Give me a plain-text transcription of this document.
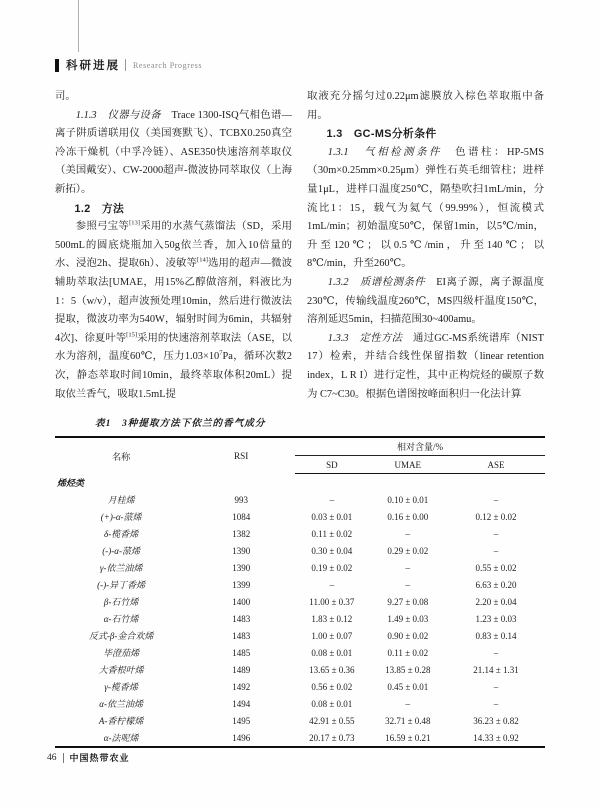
科研进展 Research Progress

司。

1.1.3　仪器与设备　Trace 1300-ISQ气相色谱—离子阱质谱联用仪（美国赛默飞）、TCBX0.250真空冷冻干燥机（中孚冷链）、ASE350快速溶剂萃取仪（美国戴安）、CW-2000超声-微波协同萃取仪（上海新拓）。

1.2　方法

参照弓宝等[13]采用的水蒸气蒸馏法（SD，采用500mL的圆底烧瓶加入50g依兰香，加入10倍量的水、浸泡2h、提取6h）、凌敏等[14]选用的超声—微波辅助萃取法[UMAE，用15%乙醇做溶剂，料液比为1：5（w/v），超声波预处理10min，然后进行微波法提取，微波功率为540W，辐射时间为6min，共辐射4次]、徐夏叶等[15]采用的快速溶剂萃取法（ASE，以水为溶剂，温度60℃，压力$1.03\times 10^7Pa$，循环次数2次，静态萃取时间10min，最终萃取体积20mL）提取依兰香气，吸取1.5mL提

取液充分摇匀过0.22μm滤膜放入棕色萃取瓶中备用。

1.3　GC-MS分析条件

1.3.1　气相检测条件　色谱柱：HP-5MS（30m×0.25mm×0.25μm）弹性石英毛细管柱；进样量1μL，进样口温度250℃，隔垫吹扫1mL/min，分流比1：15，载气为氦气（99.99%），恒流模式1mL/min；初始温度50℃，保留1min，以5℃/min，升至120℃；以0.5℃/min，升至140℃；以8℃/min，升至260℃。

1.3.2　质谱检测条件　EI离子源，离子源温度230℃，传输线温度260℃，MS四级杆温度150℃，溶剂延迟5min，扫描范围30~400amu。

1.3.3　定性方法　通过GC-MS系统谱库（NIST 17）检索，并结合线性保留指数（linear retention index，L R I）进行定性，其中正构烷烃的碳原子数为 C7~C30。根据色谱图按峰面积归一化法计算

表1　3种提取方法下依兰的香气成分
名称	RSI	相对含量/%		
		SD	UMAE	ASE
烯烃类				
月桂烯	993	–	0.10 ± 0.01	–
(+)-α-蒎烯	1084	0.03 ± 0.01	0.16 ± 0.00	0.12 ± 0.02
δ-榄香烯	1382	0.11 ± 0.02	–	–
(-)-α-蒎烯	1390	0.30 ± 0.04	0.29 ± 0.02	–
γ-依兰油烯	1390	0.19 ± 0.02	–	0.55 ± 0.02
(-)-异丁香烯	1399	–	–	6.63 ± 0.20
β-石竹烯	1400	11.00 ± 0.37	9.27 ± 0.08	2.20 ± 0.04
α-石竹烯	1483	1.83 ± 0.12	1.49 ± 0.03	1.23 ± 0.03
反式-β-金合欢烯	1483	1.00 ± 0.07	0.90 ± 0.02	0.83 ± 0.14
毕澄茄烯	1485	0.08 ± 0.01	0.11 ± 0.02	–
大香根叶烯	1489	13.65 ± 0.36	13.85 ± 0.28	21.14 ± 1.31
γ-榄香烯	1492	0.56 ± 0.02	0.45 ± 0.01	–
α-依兰油烯	1494	0.08 ± 0.01	–	–
A-香柠檬烯	1495	42.91 ± 0.55	32.71 ± 0.48	36.23 ± 0.82
α-法呢烯	1496	20.17 ± 0.73	16.59 ± 0.21	14.33 ± 0.92
46 中国热带农业
